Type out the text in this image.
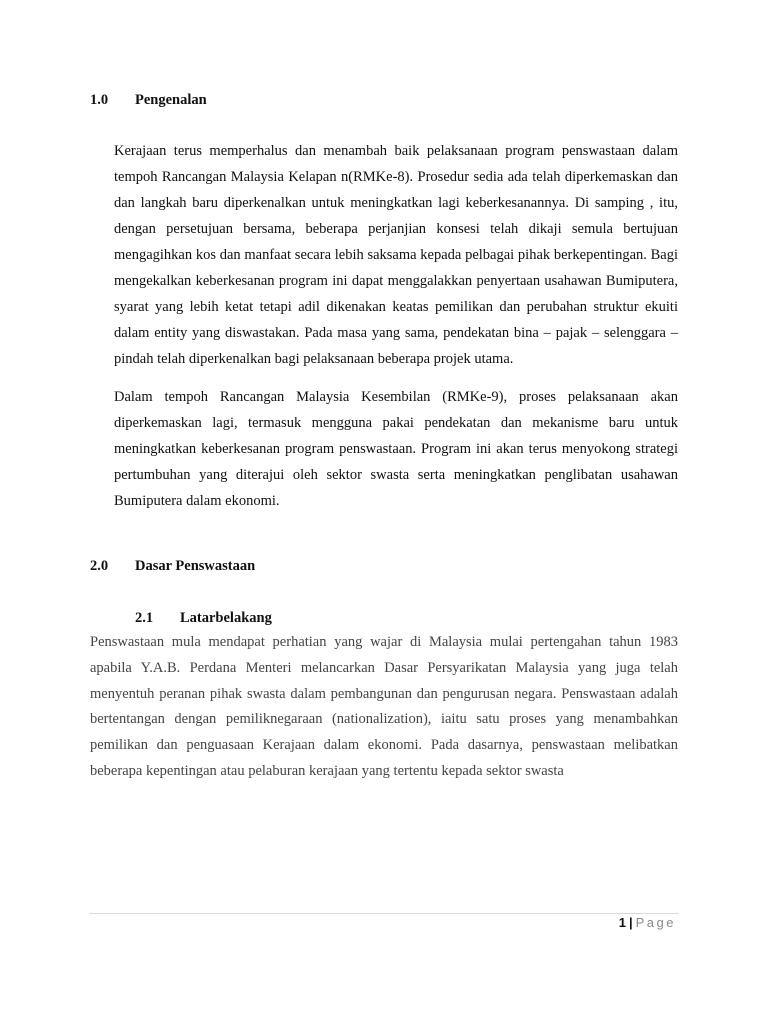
1.0 Pengenalan
Kerajaan terus memperhalus dan menambah baik pelaksanaan program penswastaan dalam tempoh Rancangan Malaysia Kelapan n(RMKe-8). Prosedur sedia ada telah diperkemaskan dan dan langkah baru diperkenalkan untuk meningkatkan lagi keberkesanannya. Di samping , itu, dengan persetujuan bersama, beberapa perjanjian konsesi telah dikaji semula bertujuan mengagihkan kos dan manfaat secara lebih saksama kepada pelbagai pihak berkepentingan. Bagi mengekalkan keberkesanan program ini dapat menggalakkan penyertaan usahawan Bumiputera, syarat yang lebih ketat tetapi adil dikenakan keatas pemilikan dan perubahan struktur ekuiti dalam entity yang diswastakan. Pada masa yang sama, pendekatan bina – pajak – selenggara – pindah telah diperkenalkan bagi pelaksanaan beberapa projek utama.
Dalam tempoh Rancangan Malaysia Kesembilan (RMKe-9), proses pelaksanaan akan diperkemaskan lagi, termasuk mengguna pakai pendekatan dan mekanisme baru untuk meningkatkan keberkesanan program penswastaan. Program ini akan terus menyokong strategi pertumbuhan yang diterajui oleh sektor swasta serta meningkatkan penglibatan usahawan Bumiputera dalam ekonomi.
2.0 Dasar Penswastaan
2.1 Latarbelakang
Penswastaan mula mendapat perhatian yang wajar di Malaysia mulai pertengahan tahun 1983 apabila Y.A.B. Perdana Menteri melancarkan Dasar Persyarikatan Malaysia yang juga telah menyentuh peranan pihak swasta dalam pembangunan dan pengurusan negara. Penswastaan adalah bertentangan dengan pemiliknegaraan (nationalization), iaitu satu proses yang menambahkan pemilikan dan penguasaan Kerajaan dalam ekonomi. Pada dasarnya, penswastaan melibatkan beberapa kepentingan atau pelaburan kerajaan yang tertentu kepada sektor swasta
1 | Page
